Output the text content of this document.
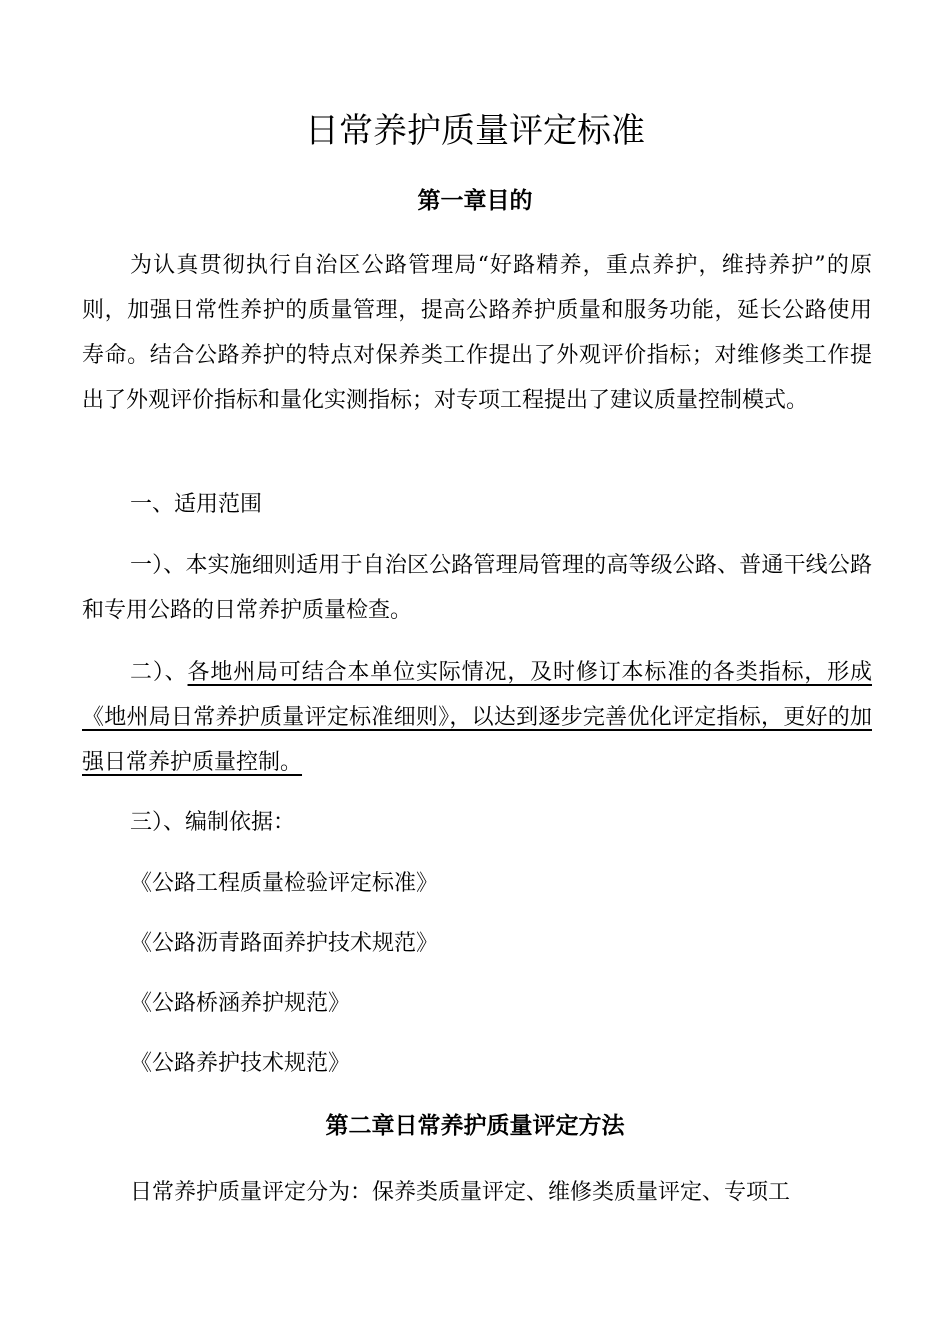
日常养护质量评定标准
第一章目的

为认真贯彻执行自治区公路管理局“好路精养，重点养护，维持养护”的原则，加强日常性养护的质量管理，提高公路养护质量和服务功能，延长公路使用寿命。结合公路养护的特点对保养类工作提出了外观评价指标；对维修类工作提出了外观评价指标和量化实测指标；对专项工程提出了建议质量控制模式。

一、适用范围

一）、本实施细则适用于自治区公路管理局管理的高等级公路、普通干线公路和专用公路的日常养护质量检查。

二）、各地州局可结合本单位实际情况，及时修订本标准的各类指标，形成《地州局日常养护质量评定标准细则》，以达到逐步完善优化评定指标，更好的加强日常养护质量控制。

三）、编制依据：

《公路工程质量检验评定标准》

《公路沥青路面养护技术规范》

《公路桥涵养护规范》

《公路养护技术规范》

第二章日常养护质量评定方法

日常养护质量评定分为：保养类质量评定、维修类质量评定、专项工
